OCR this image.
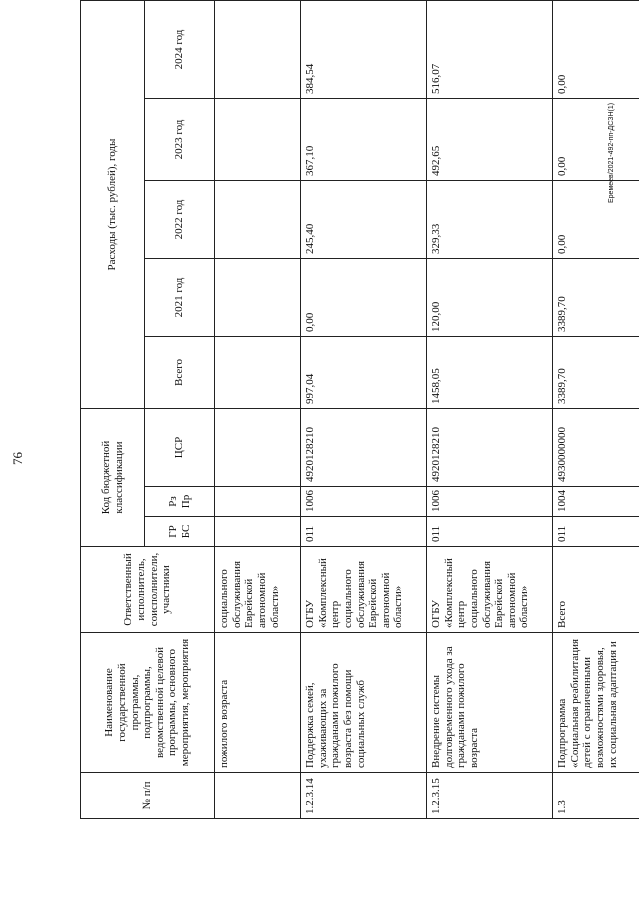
76
№ п/п	Наименование государственной программы, подпрограммы, ведомственной целевой программы, основного мероприятия, мероприятия	Ответственный исполнитель, соисполнители, участники	Код бюджетной классификации			Расходы (тыс. рублей), годы				
			ГР БС	Рз Пр	ЦСР	Всего	2021 год	2022 год	2023 год	2024 год
	пожилого возраста	социального обслуживания Еврейской автономной области»								
1.2.3.14	Поддержка семей, ухаживающих за гражданами пожилого возраста без помощи социальных служб	ОГБУ «Комплексный центр социального обслуживания Еврейской автономной области»	011	1006	4920128210	997,04	0,00	245,40	367,10	384,54
1.2.3.15	Внедрение системы долговременного ухода за гражданами пожилого возраста	ОГБУ «Комплексный центр социального обслуживания Еврейской автономной области»	011	1006	4920128210	1458,05	120,00	329,33	492,65	516,07
1.3	Подпрограмма «Социальная реабилитация детей с ограниченными возможностями здоровья, их социальная адаптация и	Всего	011	1004	4930000000	3389,70	3389,70	0,00	0,00	0,00
Еремеев/2021-492-пп-ДСЗН(1)
